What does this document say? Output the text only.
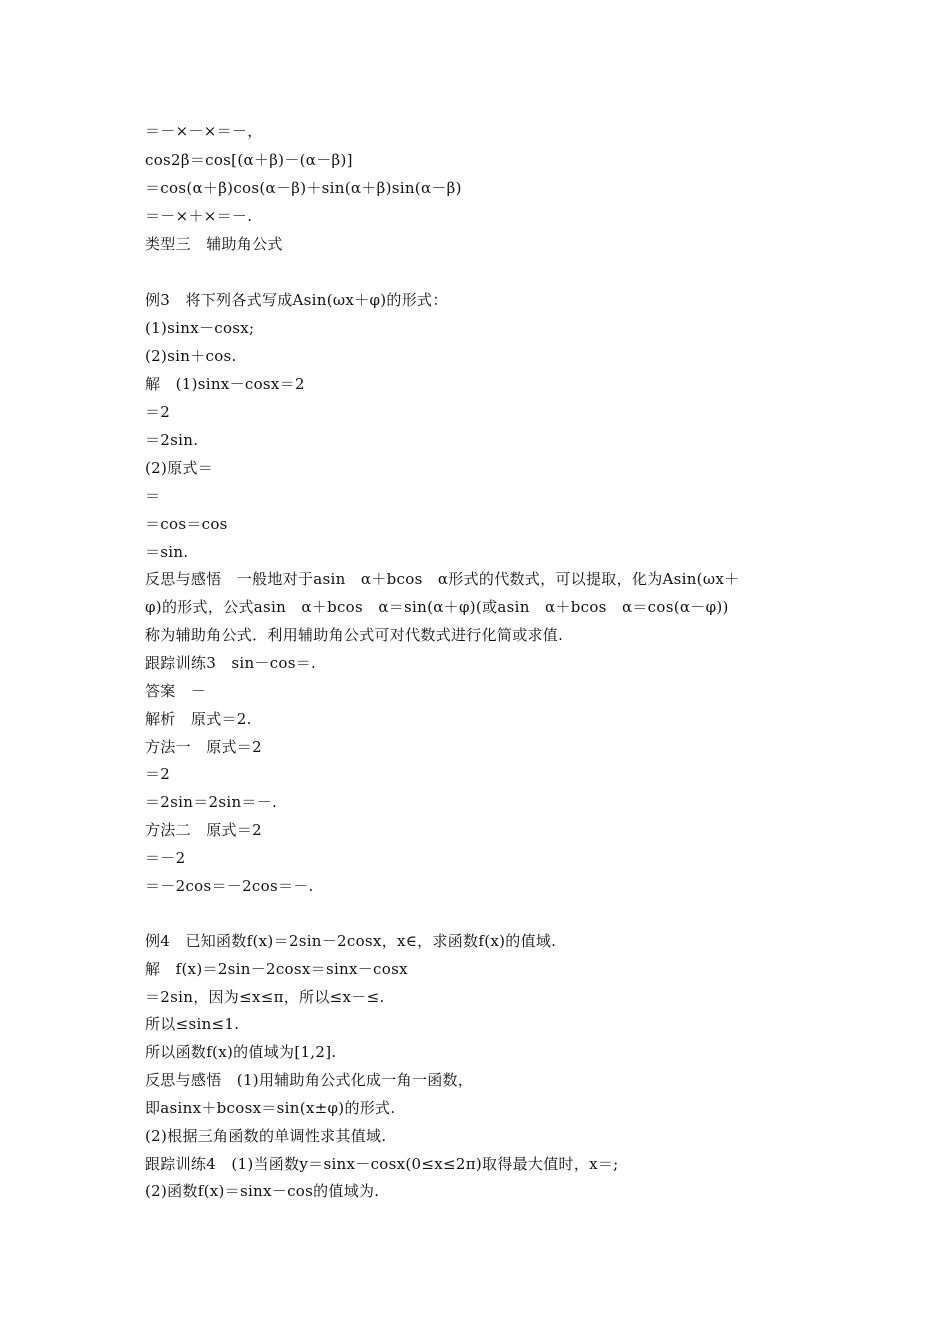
＝－×－×＝－，
cos2β＝cos[(α＋β)－(α－β)]
＝cos(α＋β)cos(α－β)＋sin(α＋β)sin(α－β)
＝－×＋×＝－.
类型三　辅助角公式
例3　将下列各式写成Asin(ωx＋φ)的形式：
(1)sinx－cosx;
(2)sin＋cos.
解　(1)sinx－cosx＝2
＝2
＝2sin.
(2)原式＝
＝
＝cos＝cos
＝sin.
反思与感悟　一般地对于asin　α＋bcos　α形式的代数式，可以提取，化为Asin(ωx＋
φ)的形式，公式asin　α＋bcos　α＝sin(α＋φ)(或asin　α＋bcos　α＝cos(α－φ))
称为辅助角公式．利用辅助角公式可对代数式进行化简或求值.
跟踪训练3　sin－cos＝.
答案　－
解析　原式＝2.
方法一　原式＝2
＝2
＝2sin＝2sin＝－.
方法二　原式＝2
＝－2
＝－2cos＝－2cos＝－.
例4　已知函数f(x)＝2sin－2cosx，x∈，求函数f(x)的值域.
解　f(x)＝2sin－2cosx＝sinx－cosx
＝2sin，因为≤x≤π，所以≤x－≤.
所以≤sin≤1.
所以函数f(x)的值域为[1,2].
反思与感悟　(1)用辅助角公式化成一角一函数，
即asinx＋bcosx＝sin(x±φ)的形式.
(2)根据三角函数的单调性求其值域.
跟踪训练4　(1)当函数y＝sinx－cosx(0≤x≤2π)取得最大值时，x＝;
(2)函数f(x)＝sinx－cos的值域为.
